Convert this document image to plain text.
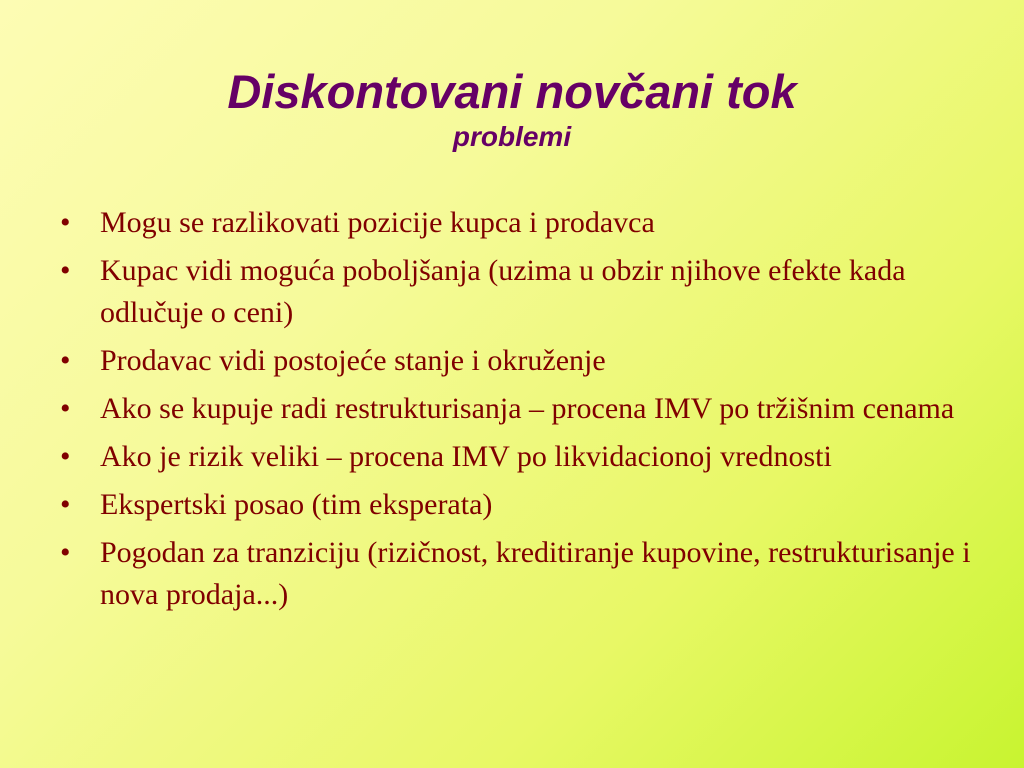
Diskontovani novčani tok
problemi
• Mogu se razlikovati pozicije kupca i prodavca
• Kupac vidi moguća poboljšanja (uzima u obzir njihove efekte kada odlučuje o ceni)
• Prodavac vidi postojeće stanje i okruženje
• Ako se kupuje radi restrukturisanja – procena IMV po tržišnim cenama
• Ako je rizik veliki – procena IMV po likvidacionoj vrednosti
• Ekspertski posao (tim eksperata)
• Pogodan za tranziciju (rizičnost, kreditiranje kupovine, restrukturisanje i nova prodaja...)
